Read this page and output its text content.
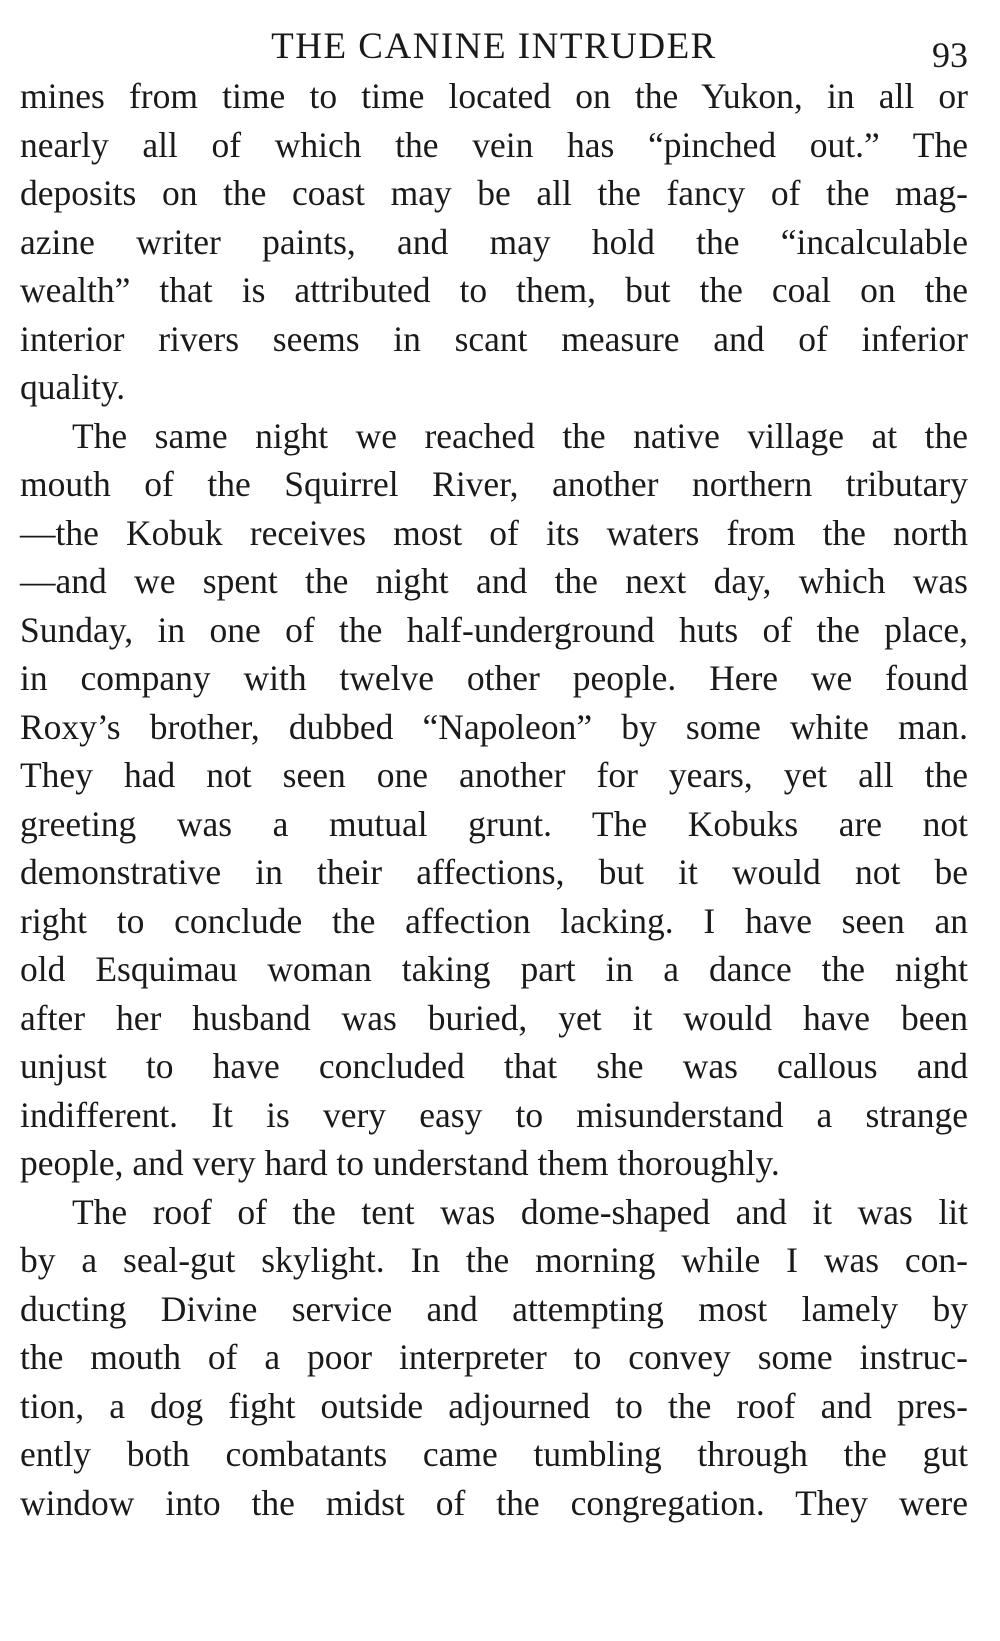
THE CANINE INTRUDER	93
mines from time to time located on the Yukon, in all or
nearly all of which the vein has “pinched out.” The
deposits on the coast may be all the fancy of the mag-
azine writer paints, and may hold the “incalculable
wealth” that is attributed to them, but the coal on the
interior rivers seems in scant measure and of inferior
quality.
The same night we reached the native village at the
mouth of the Squirrel River, another northern tributary
—the Kobuk receives most of its waters from the north
—and we spent the night and the next day, which was
Sunday, in one of the half-underground huts of the place,
in company with twelve other people. Here we found
Roxy’s brother, dubbed “Napoleon” by some white man.
They had not seen one another for years, yet all the
greeting was a mutual grunt. The Kobuks are not
demonstrative in their affections, but it would not be
right to conclude the affection lacking. I have seen an
old Esquimau woman taking part in a dance the night
after her husband was buried, yet it would have been
unjust to have concluded that she was callous and
indifferent. It is very easy to misunderstand a strange
people, and very hard to understand them thoroughly.
The roof of the tent was dome-shaped and it was lit
by a seal-gut skylight. In the morning while I was con-
ducting Divine service and attempting most lamely by
the mouth of a poor interpreter to convey some instruc-
tion, a dog fight outside adjourned to the roof and pres-
ently both combatants came tumbling through the gut
window into the midst of the congregation. They were
